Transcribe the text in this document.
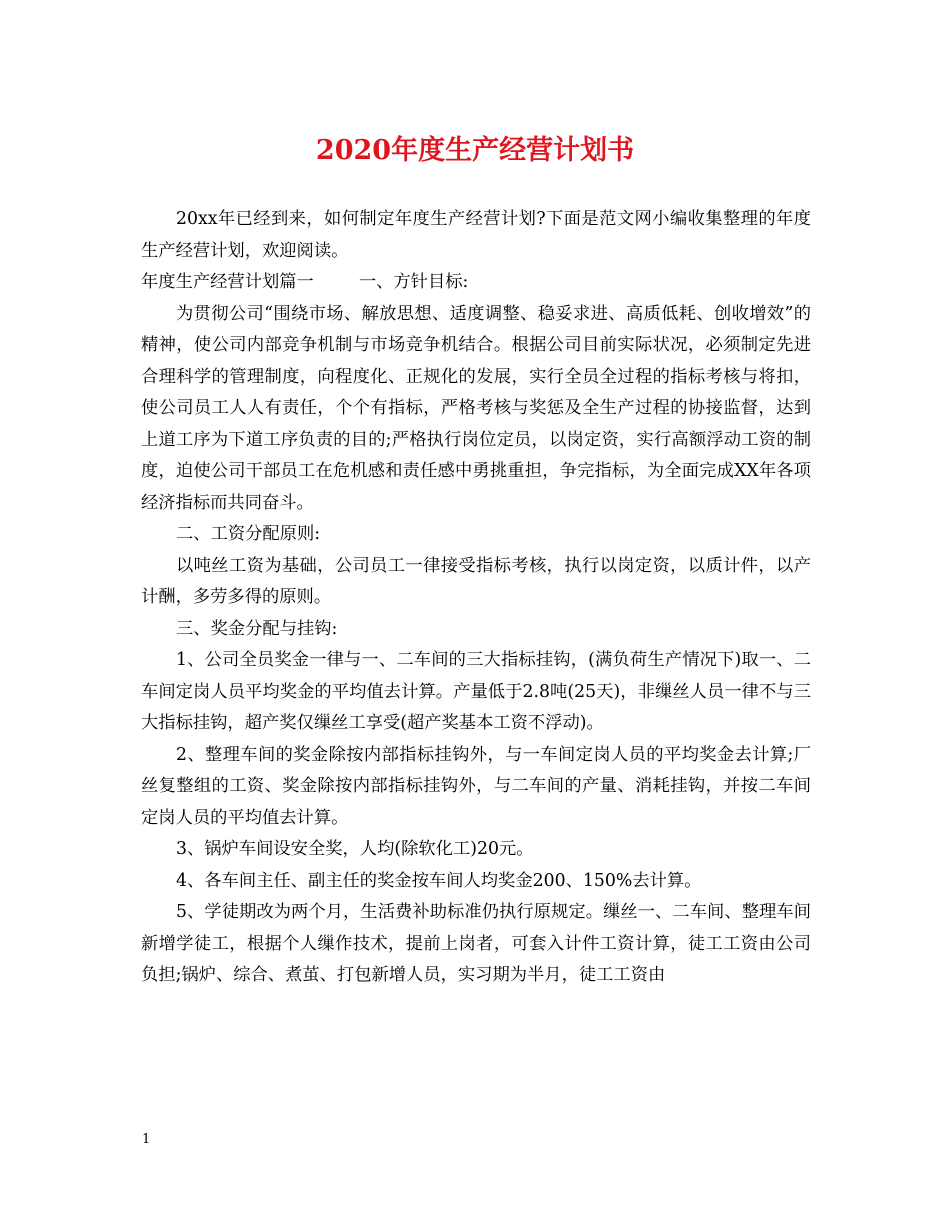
2020年度生产经营计划书

20xx年已经到来，如何制定年度生产经营计划?下面是范文网小编收集整理的年度生产经营计划，欢迎阅读。

年度生产经营计划篇一	一、方针目标:

为贯彻公司“围绕市场、解放思想、适度调整、稳妥求进、高质低耗、创收增效”的精神，使公司内部竞争机制与市场竞争机结合。根据公司目前实际状况，必须制定先进合理科学的管理制度，向程度化、正规化的发展，实行全员全过程的指标考核与将扣，使公司员工人人有责任，个个有指标，严格考核与奖惩及全生产过程的协接监督，达到上道工序为下道工序负责的目的;严格执行岗位定员，以岗定资，实行高额浮动工资的制度，迫使公司干部员工在危机感和责任感中勇挑重担，争完指标，为全面完成XX年各项经济指标而共同奋斗。

二、工资分配原则:

以吨丝工资为基础，公司员工一律接受指标考核，执行以岗定资，以质计件，以产计酬，多劳多得的原则。

三、奖金分配与挂钩:

1、公司全员奖金一律与一、二车间的三大指标挂钩，(满负荷生产情况下)取一、二车间定岗人员平均奖金的平均值去计算。产量低于2.8吨(25天)，非缫丝人员一律不与三大指标挂钩，超产奖仅缫丝工享受(超产奖基本工资不浮动)。

2、整理车间的奖金除按内部指标挂钩外，与一车间定岗人员的平均奖金去计算;厂丝复整组的工资、奖金除按内部指标挂钩外，与二车间的产量、消耗挂钩，并按二车间定岗人员的平均值去计算。

3、锅炉车间设安全奖，人均(除软化工)20元。

4、各车间主任、副主任的奖金按车间人均奖金200、150%去计算。

5、学徒期改为两个月，生活费补助标准仍执行原规定。缫丝一、二车间、整理车间新增学徒工，根据个人缫作技术，提前上岗者，可套入计件工资计算，徒工工资由公司负担;锅炉、综合、煮茧、打包新增人员，实习期为半月，徒工工资由

1
